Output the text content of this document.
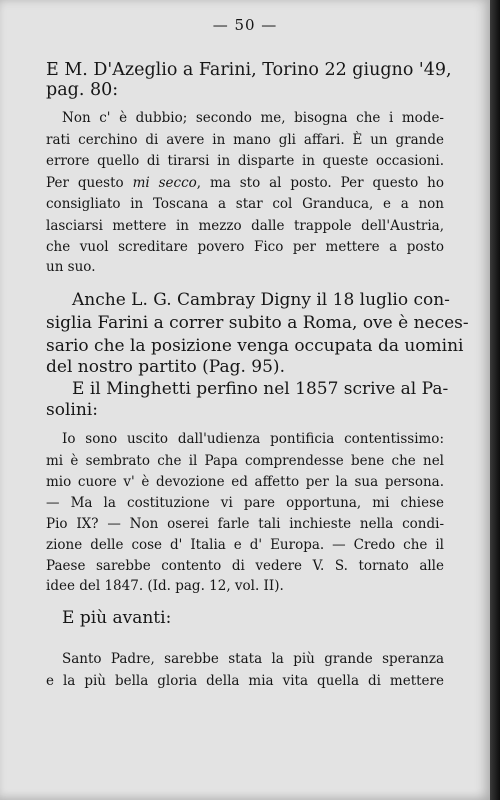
— 50 —
E M. D'Azeglio a Farini, Torino 22 giugno '49,
pag. 80:
Non c' è dubbio; secondo me, bisogna che i mode-
rati cerchino di avere in mano gli affari. È un grande
errore quello di tirarsi in disparte in queste occasioni.
Per questo mi secco, ma sto al posto. Per questo ho
consigliato in Toscana a star col Granduca, e a non
lasciarsi mettere in mezzo dalle trappole dell'Austria,
che vuol screditare povero Fico per mettere a posto
un suo.
Anche L. G. Cambray Digny il 18 luglio con-
siglia Farini a correr subito a Roma, ove è neces-
sario che la posizione venga occupata da uomini
del nostro partito (Pag. 95).
E il Minghetti perfino nel 1857 scrive al Pa-
solini:
Io sono uscito dall'udienza pontificia contentissimo:
mi è sembrato che il Papa comprendesse bene che nel
mio cuore v' è devozione ed affetto per la sua persona.
— Ma la costituzione vi pare opportuna, mi chiese
Pio IX? — Non oserei farle tali inchieste nella condi-
zione delle cose d' Italia e d' Europa. — Credo che il
Paese sarebbe contento di vedere V. S. tornato alle
idee del 1847. (Id. pag. 12, vol. II).
E più avanti:
Santo Padre, sarebbe stata la più grande speranza
e la più bella gloria della mia vita quella di mettere
